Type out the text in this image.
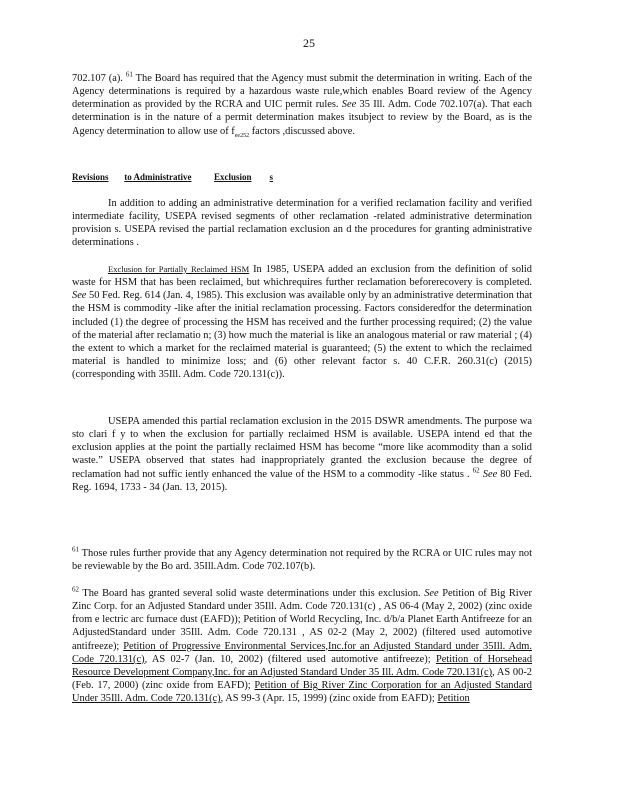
25

702.107 (a). $^{61}$ The Board has required that the Agency must submit the determination in writing. Each of the Agency determinations is required by a hazardous waste rule,which enables Board review of the Agency determination as provided by the RCRA and UIC permit rules. See 35 Ill. Adm. Code 702.107(a). That each determination is in the nature of a permit determination makes itsubject to review by the Board, as is the Agency determination to allow use of $f_{ee252}$ factors ,discussed above.

Revisions to Administrative	Exclusion s

In addition to adding an administrative determination for a verified reclamation facility and verified intermediate facility, USEPA revised segments of other reclamation -related administrative determination provision s. USEPA revised the partial reclamation exclusion an d the procedures for granting administrative determinations .

Exclusion for Partially Reclaimed HSM In 1985, USEPA added an exclusion from the definition of solid waste for HSM that has been reclaimed, but whichrequires further reclamation beforerecovery is completed. See 50 Fed. Reg. 614 (Jan. 4, 1985). This exclusion was available only by an administrative determination that the HSM is commodity -like after the initial reclamation processing. Factors consideredfor the determination included (1) the degree of processing the HSM has received and the further processing required; (2) the value of the material after reclamatio n; (3) how much the material is like an analogous material or raw material ; (4) the extent to which a market for the reclaimed material is guaranteed; (5) the extent to which the reclaimed material is handled to minimize loss; and (6) other relevant factor s. 40 C.F.R. 260.31(c) (2015) (corresponding with 35Ill. Adm. Code 720.131(c)).

USEPA amended this partial reclamation exclusion in the 2015 DSWR amendments. The purpose wa sto clari f y to when the exclusion for partially reclaimed HSM is available. USEPA intend ed that the exclusion applies at the point the partially reclaimed HSM has become “more like acommodity than a solid waste.” USEPA observed that states had inappropriately granted the exclusion because the degree of reclamation had not suffic iently enhanced the value of the HSM to a commodity -like status . $^{62}$ See 80 Fed. Reg. 1694, 1733 - 34 (Jan. 13, 2015).

$^{61}$ Those rules further provide that any Agency determination not required by the RCRA or UIC rules may not be reviewable by the Bo ard. 35Ill.Adm. Code 702.107(b).

$^{62}$ The Board has granted several solid waste determinations under this exclusion. See Petition of Big River Zinc Corp. for an Adjusted Standard under 35Ill. Adm. Code 720.131(c) , AS 06-4 (May 2, 2002) (zinc oxide from e lectric arc furnace dust (EAFD)); Petition of World Recycling, Inc. d/b/a Planet Earth Antifreeze for an AdjustedStandard under 35Ill. Adm. Code 720.131 , AS 02-2 (May 2, 2002) (filtered used automotive antifreeze); Petition of Progressive Environmental Services,Inc.for an Adjusted Standard under 35Ill. Adm. Code 720.131(c), AS 02-7 (Jan. 10, 2002) (filtered used automotive antifreeze); Petition of Horsehead Resource Development Company,Inc. for an Adjusted Standard Under 35 Ill. Adm. Code 720.131(c), AS 00-2 (Feb. 17, 2000) (zinc oxide from EAFD); Petition of Big River Zinc Corporation for an Adjusted Standard Under 35Ill. Adm. Code 720.131(c), AS 99-3 (Apr. 15, 1999) (zinc oxide from EAFD); Petition
